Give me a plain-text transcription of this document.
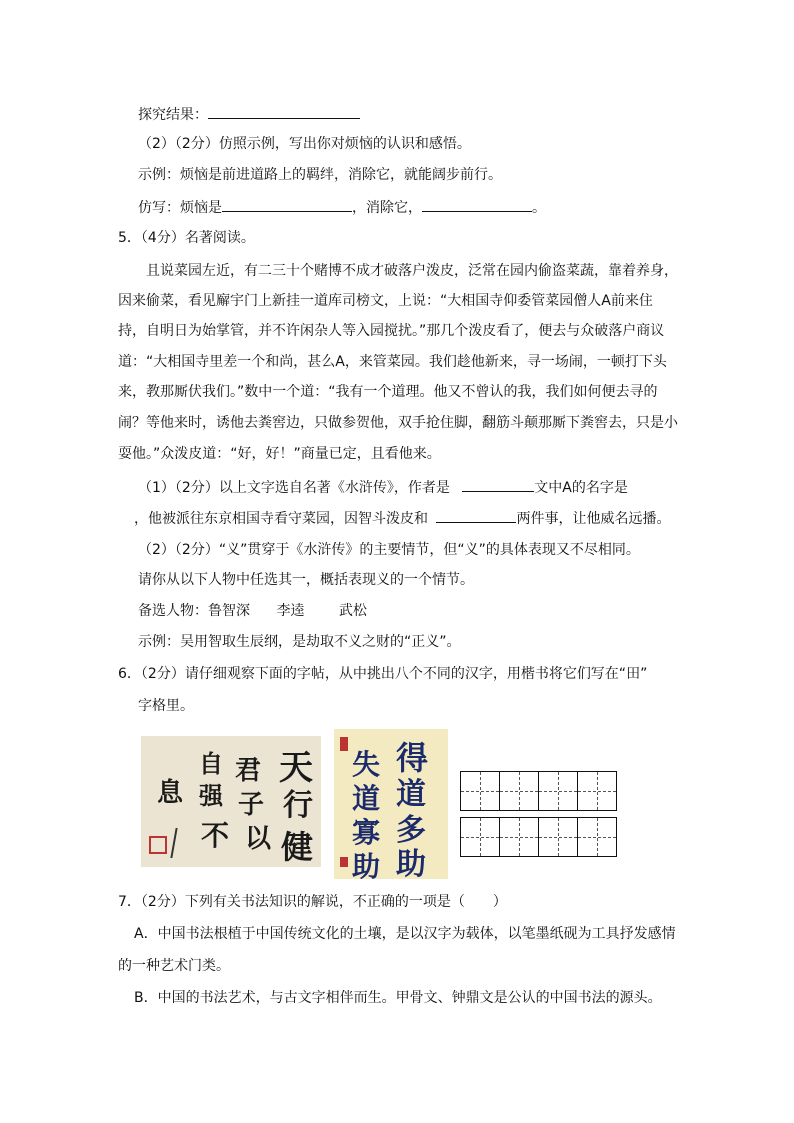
探究结果：
（2）（2分）仿照示例，写出你对烦恼的认识和感悟。
示例：烦恼是前进道路上的羁绊，消除它，就能阔步前行。
仿写：烦恼是	，消除它，	。
5．（4分）名著阅读。
且说菜园左近，有二三十个赌博不成才破落户泼皮，泛常在园内偷盗菜蔬，靠着养身，
因来偷菜，看见廨宇门上新挂一道库司榜文，上说：“大相国寺仰委管菜园僧人A前来住
持，自明日为始掌管，并不许闲杂人等入园搅扰。”那几个泼皮看了，便去与众破落户商议
道：“大相国寺里差一个和尚，甚么A，来管菜园。我们趁他新来，寻一场闹，一顿打下头
来，教那厮伏我们。”数中一个道：“我有一个道理。他又不曾认的我，我们如何便去寻的
闹？等他来时，诱他去粪窖边，只做参贺他，双手抢住脚，翻筋斗颠那厮下粪窖去，只是小
耍他。”众泼皮道：“好，好！”商量已定，且看他来。
（1）（2分）以上文字选自名著《水浒传》，作者是	文中A的名字是
，他被派往东京相国寺看守菜园，因智斗泼皮和	两件事，让他威名远播。
（2）（2分）“义”贯穿于《水浒传》的主要情节，但“义”的具体表现又不尽相同。
请你从以下人物中任选其一，概括表现义的一个情节。
备选人物：鲁智深 李逵 武松
示例：吴用智取生辰纲，是劫取不义之财的“正义”。
6．（2分）请仔细观察下面的字帖，从中挑出八个不同的汉字，用楷书将它们写在“田”
字格里。
天
行
健
君
子
以
自
强
不
息
得
道
多
助
失
道
寡
助
7．（2分）下列有关书法知识的解说，不正确的一项是（　　）
A．中国书法根植于中国传统文化的土壤，是以汉字为载体，以笔墨纸砚为工具抒发感情
的一种艺术门类。
B．中国的书法艺术，与古文字相伴而生。甲骨文、钟鼎文是公认的中国书法的源头。
